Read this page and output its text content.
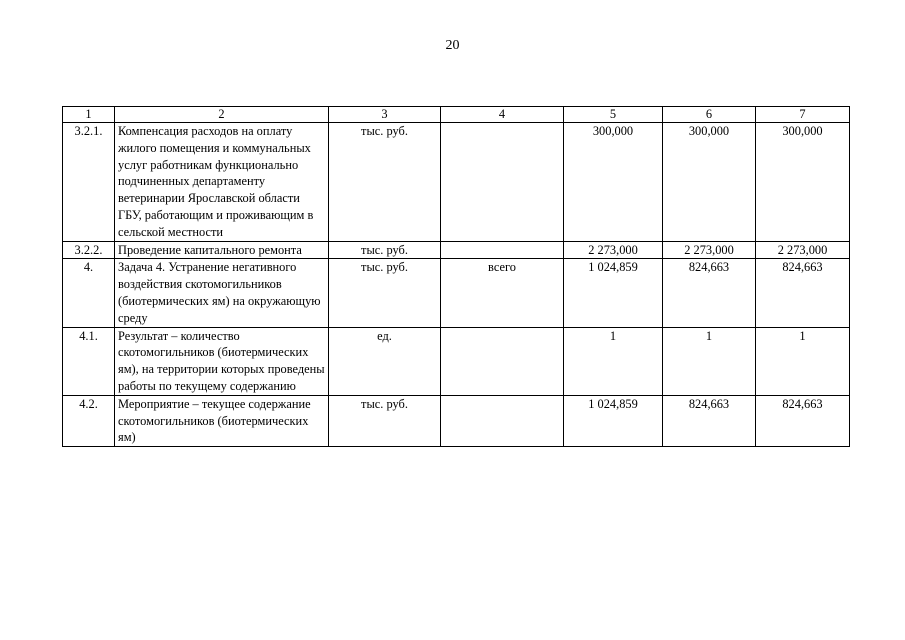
20
1	2	3	4	5	6	7
3.2.1.	Компенсация расходов на оплату жилого помещения и коммунальных услуг работникам функционально подчиненных департаменту ветеринарии Ярославской области ГБУ, работающим и проживающим в сельской местности	тыс. руб.		300,000	300,000	300,000
3.2.2.	Проведение капитального ремонта	тыс. руб.		2 273,000	2 273,000	2 273,000
4.	Задача 4. Устранение негативного воздействия скотомогильников (биотермических ям) на окружающую среду	тыс. руб.	всего	1 024,859	824,663	824,663
4.1.	Результат – количество скотомогильников (биотермических ям), на территории которых проведены работы по текущему содержанию	ед.		1	1	1
4.2.	Мероприятие – текущее содержание скотомогильников (биотермических ям)	тыс. руб.		1 024,859	824,663	824,663
